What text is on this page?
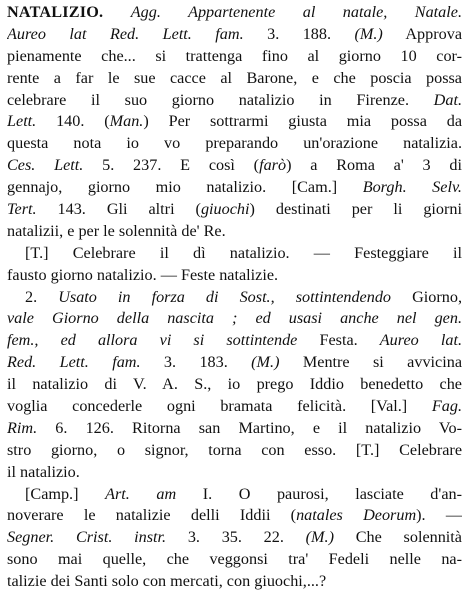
NATALIZIO. Agg. Appartenente al natale, Natale.
Aureo lat Red. Lett. fam. 3. 188. (M.) Approva
pienamente che... si trattenga fino al giorno 10 cor-
rente a far le sue cacce al Barone, e che poscia possa
celebrare il suo giorno natalizio in Firenze. Dat.
Lett. 140. (Man.) Per sottrarmi giusta mia possa da
questa nota io vo preparando un'orazione natalizia.
Ces. Lett. 5. 237. E così (farò) a Roma a' 3 di
gennajo, giorno mio natalizio. [Cam.] Borgh. Selv.
Tert. 143. Gli altri (giuochi) destinati per li giorni
natalizii, e per le solennità de' Re.
[T.] Celebrare il dì natalizio. — Festeggiare il
fausto giorno natalizio. — Feste natalizie.
2. Usato in forza di Sost., sottintendendo Giorno,
vale Giorno della nascita ; ed usasi anche nel gen.
fem., ed allora vi si sottintende Festa. Aureo lat.
Red. Lett. fam. 3. 183. (M.) Mentre si avvicina
il natalizio di V. A. S., io prego Iddio benedetto che
voglia concederle ogni bramata felicità. [Val.] Fag.
Rim. 6. 126. Ritorna san Martino, e il natalizio Vo-
stro giorno, o signor, torna con esso. [T.] Celebrare
il natalizio.
[Camp.] Art. am I. O paurosi, lasciate d'an-
noverare le natalizie delli Iddii (natales Deorum). —
Segner. Crist. instr. 3. 35. 22. (M.) Che solennità
sono mai quelle, che veggonsi tra' Fedeli nelle na-
talizie dei Santi solo con mercati, con giuochi,...?
